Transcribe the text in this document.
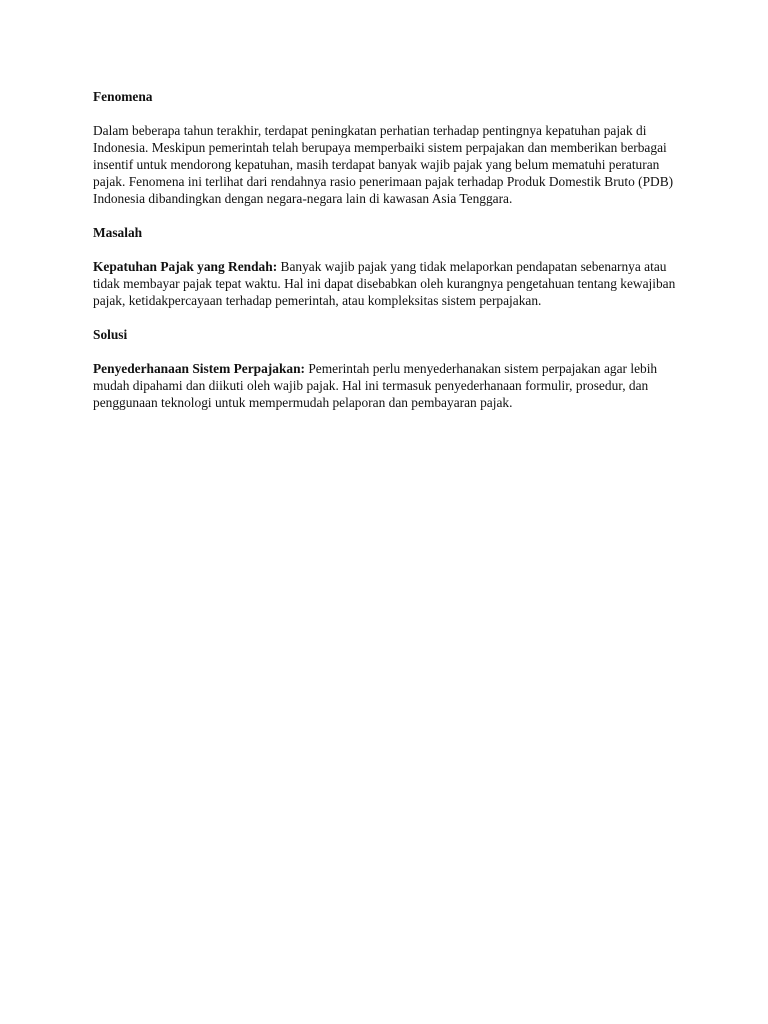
Fenomena
Dalam beberapa tahun terakhir, terdapat peningkatan perhatian terhadap pentingnya kepatuhan pajak di Indonesia. Meskipun pemerintah telah berupaya memperbaiki sistem perpajakan dan memberikan berbagai insentif untuk mendorong kepatuhan, masih terdapat banyak wajib pajak yang belum mematuhi peraturan pajak. Fenomena ini terlihat dari rendahnya rasio penerimaan pajak terhadap Produk Domestik Bruto (PDB) Indonesia dibandingkan dengan negara-negara lain di kawasan Asia Tenggara.
Masalah
Kepatuhan Pajak yang Rendah: Banyak wajib pajak yang tidak melaporkan pendapatan sebenarnya atau tidak membayar pajak tepat waktu. Hal ini dapat disebabkan oleh kurangnya pengetahuan tentang kewajiban pajak, ketidakpercayaan terhadap pemerintah, atau kompleksitas sistem perpajakan.
Solusi
Penyederhanaan Sistem Perpajakan: Pemerintah perlu menyederhanakan sistem perpajakan agar lebih mudah dipahami dan diikuti oleh wajib pajak. Hal ini termasuk penyederhanaan formulir, prosedur, dan penggunaan teknologi untuk mempermudah pelaporan dan pembayaran pajak.
